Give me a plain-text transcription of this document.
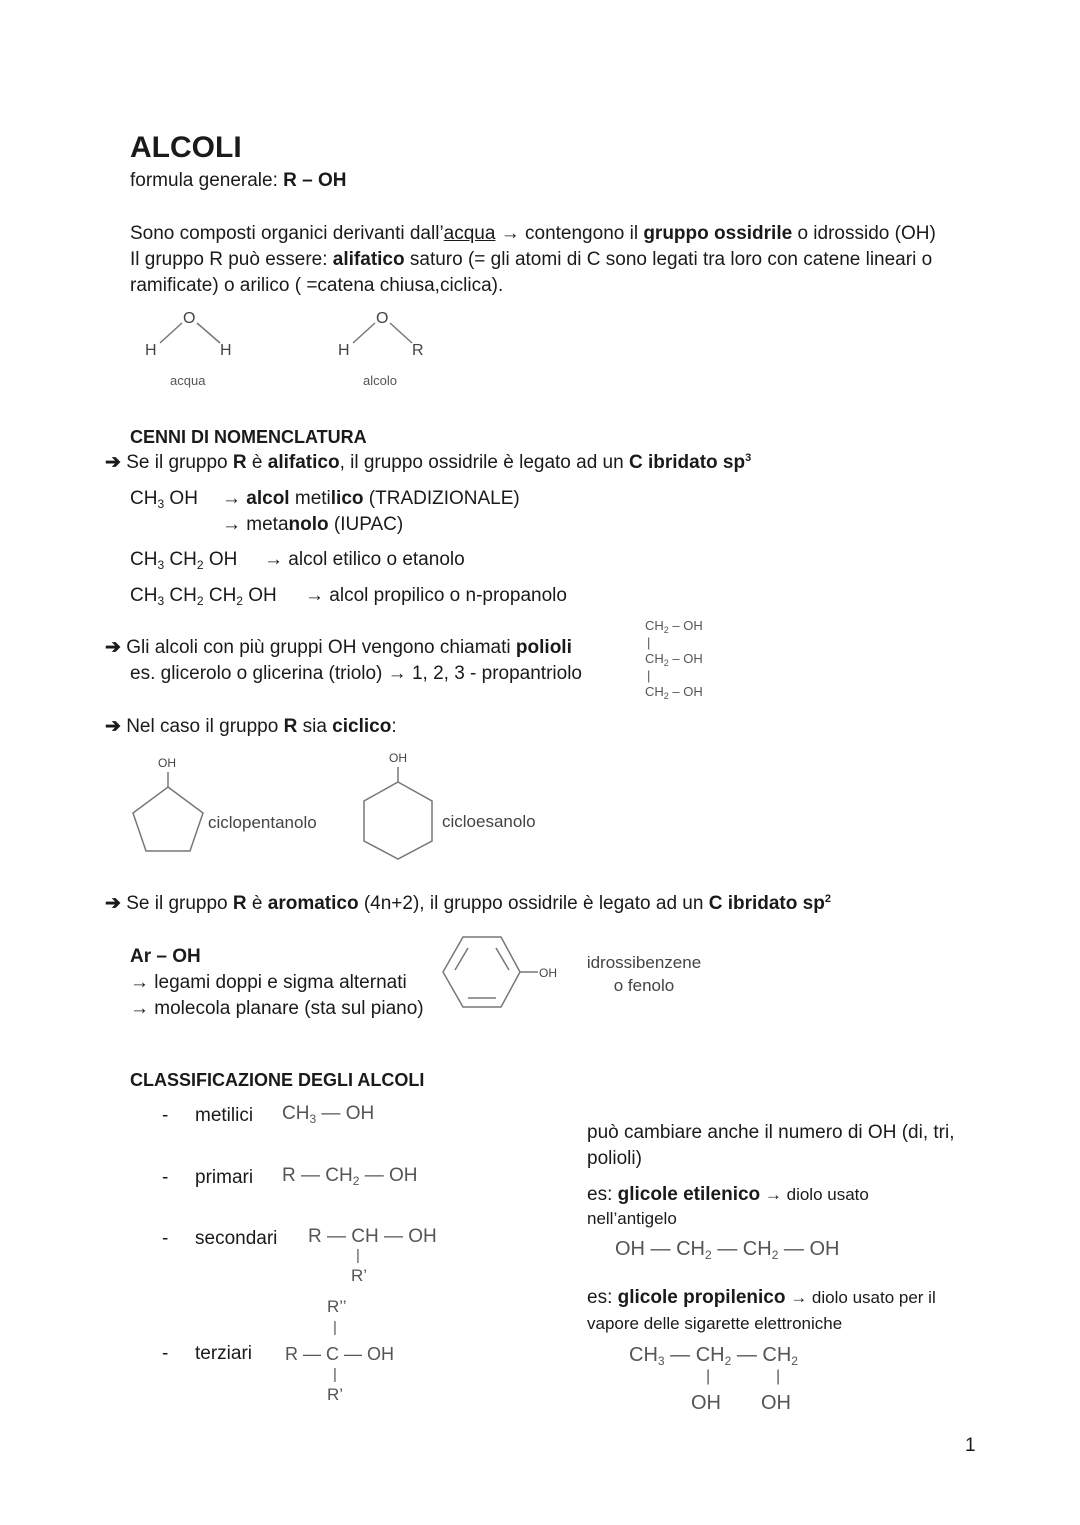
ALCOLI
formula generale: R – OH
Sono composti organici derivanti dall’acqua → contengono il gruppo ossidrile o idrossido (OH)
Il gruppo R può essere: alifatico saturo (= gli atomi di C sono legati tra loro con catene lineari o
ramificate) o arilico ( =catena chiusa,ciclica).
O
H	H
O
H	R
acqua	alcolo
CENNI DI NOMENCLATURA
➔ Se il gruppo R è alifatico, il gruppo ossidrile è legato ad un C ibridato $sp^3$
$CH_3$ OH → alcol metilico (TRADIZIONALE)
→ metanolo (IUPAC)
$CH_3$ $CH_2$ OH → alcol etilico o etanolo
$CH_3$ $CH_2$ $CH_2$ OH → alcol propilico o n-propanolo
➔ Gli alcoli con più gruppi OH vengono chiamati polioli
es. glicerolo o glicerina (triolo) → 1, 2, 3 - propantriolo
$CH_2$ – OH
|
$CH_2$ – OH
|
$CH_2$ – OH
➔ Nel caso il gruppo R sia ciclico:
OH	OH
ciclopentanolo	cicloesanolo
➔ Se il gruppo R è aromatico (4n+2), il gruppo ossidrile è legato ad un C ibridato $sp^2$
Ar – OH
→ legami doppi e sigma alternati
→ molecola planare (sta sul piano)
OH
idrossibenzene
o fenolo
CLASSIFICAZIONE DEGLI ALCOLI
- metilici $CH_3$ — OH
- primari R — $CH_2$ — OH
- secondari R — CH — OH
|
R’
R’’
|
- terziari R — C — OH
|
R’
può cambiare anche il numero di OH (di, tri,
polioli)
es: glicole etilenico → diolo usato
nell’antigelo
OH — $CH_2$ — $CH_2$ — OH
es: glicole propilenico → diolo usato per il
vapore delle sigarette elettroniche
$CH_3$ — $CH_2$ — $CH_2$
|	|
OH OH
1
